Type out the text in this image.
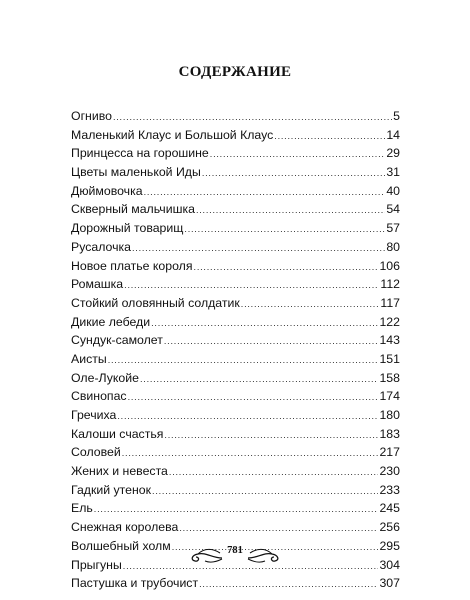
СОДЕРЖАНИЕ
Огниво .....	5
Маленький Клаус и Большой Клаус .....	14
Принцесса на горошине .....	29
Цветы маленькой Иды .....	31
Дюймовочка .....	40
Скверный мальчишка .....	54
Дорожный товарищ .....	57
Русалочка .....	80
Новое платье короля .....	106
Ромашка .....	112
Стойкий оловянный солдатик .....	117
Дикие лебеди .....	122
Сундук-самолет .....	143
Аисты .....	151
Оле-Лукойе .....	158
Свинопас .....	174
Гречиха .....	180
Калоши счастья .....	183
Соловей .....	217
Жених и невеста .....	230
Гадкий утенок .....	233
Ель .....	245
Снежная королева .....	256
Волшебный холм .....	295
Прыгуны .....	304
Пастушка и трубочист .....	307
781
